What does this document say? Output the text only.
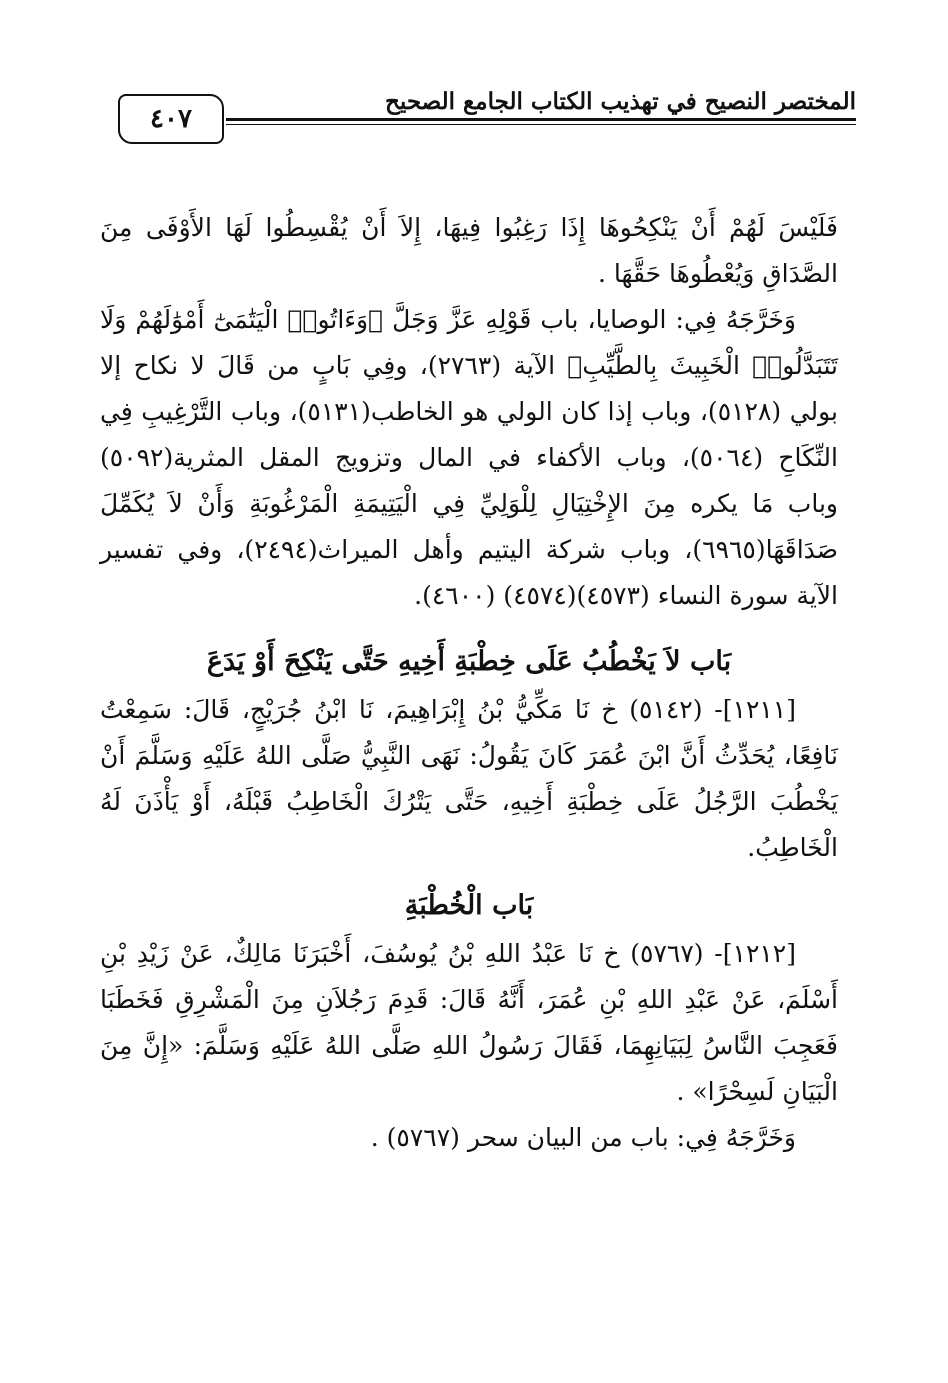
٤٠٧
المختصر النصيح في تهذيب الكتاب الجامع الصحيح

فَلَيْسَ لَهُمْ أَنْ يَنْكِحُوهَا إِذَا رَغِبُوا فِيهَا، إِلاَ أَنْ يُقْسِطُوا لَهَا الأَوْفَى مِنَ الصَّدَاقِ وَيُعْطُوهَا حَقَّهَا .

وَخَرَّجَهُ فِي: الوصايا، باب قَوْلِهِ عَزَّ وَجَلَّ ﴿وَءَاتُوا۟ الْيَتَٰمَىٰٓ أَمْوَٰلَهُمْ وَلَا تَتَبَدَّلُوا۟ الْخَبِيثَ بِالطَّيِّبِ﴾ الآية (٢٧٦٣)، وفِي بَابٍ من قَالَ لا نكاح إلا بولي (٥١٢٨)، وباب إذا كان الولي هو الخاطب(٥١٣١)، وباب التَّرْغِيبِ فِي النِّكَاحِ (٥٠٦٤)، وباب الأكفاء في المال وتزويج المقل المثرية(٥٠٩٢) وباب مَا يكره مِنَ الإِخْتِيَالِ لِلْوَلِيِّ فِي الْيَتِيمَةِ الْمَرْغُوبَةِ وَأَنْ لاَ يُكَمِّلَ صَدَاقَهَا(٦٩٦٥)، وباب شركة اليتيم وأهل الميراث(٢٤٩٤)، وفي تفسير الآية سورة النساء (٤٥٧٣)(٤٥٧٤) (٤٦٠٠).

بَاب لاَ يَخْطُبُ عَلَى خِطْبَةِ أَخِيهِ حَتَّى يَنْكِحَ أَوْ يَدَعَ

[١٢١١]- (٥١٤٢) خ نَا مَكِّيُّ بْنُ إِبْرَاهِيمَ، نَا ابْنُ جُرَيْجٍ، قَالَ: سَمِعْتُ نَافِعًا، يُحَدِّثُ أَنَّ ابْنَ عُمَرَ كَانَ يَقُولُ: نَهَى النَّبِيُّ صَلَّى اللهُ عَلَيْهِ وَسَلَّمَ أَنْ يَخْطُبَ الرَّجُلُ عَلَى خِطْبَةِ أَخِيهِ، حَتَّى يَتْرُكَ الْخَاطِبُ قَبْلَهُ، أَوْ يَأْذَنَ لَهُ الْخَاطِبُ.

بَاب الْخُطْبَةِ

[١٢١٢]- (٥٧٦٧) خ نَا عَبْدُ اللهِ بْنُ يُوسُفَ، أَخْبَرَنَا مَالِكٌ، عَنْ زَيْدِ بْنِ أَسْلَمَ، عَنْ عَبْدِ اللهِ بْنِ عُمَرَ، أَنَّهُ قَالَ: قَدِمَ رَجُلاَنِ مِنَ الْمَشْرِقِ فَخَطَبَا فَعَجِبَ النَّاسُ لِبَيَانِهِمَا، فَقَالَ رَسُولُ اللهِ صَلَّى اللهُ عَلَيْهِ وَسَلَّمَ: «إِنَّ مِنَ الْبَيَانِ لَسِحْرًا» .

وَخَرَّجَهُ فِي: باب من البيان سحر (٥٧٦٧) .
